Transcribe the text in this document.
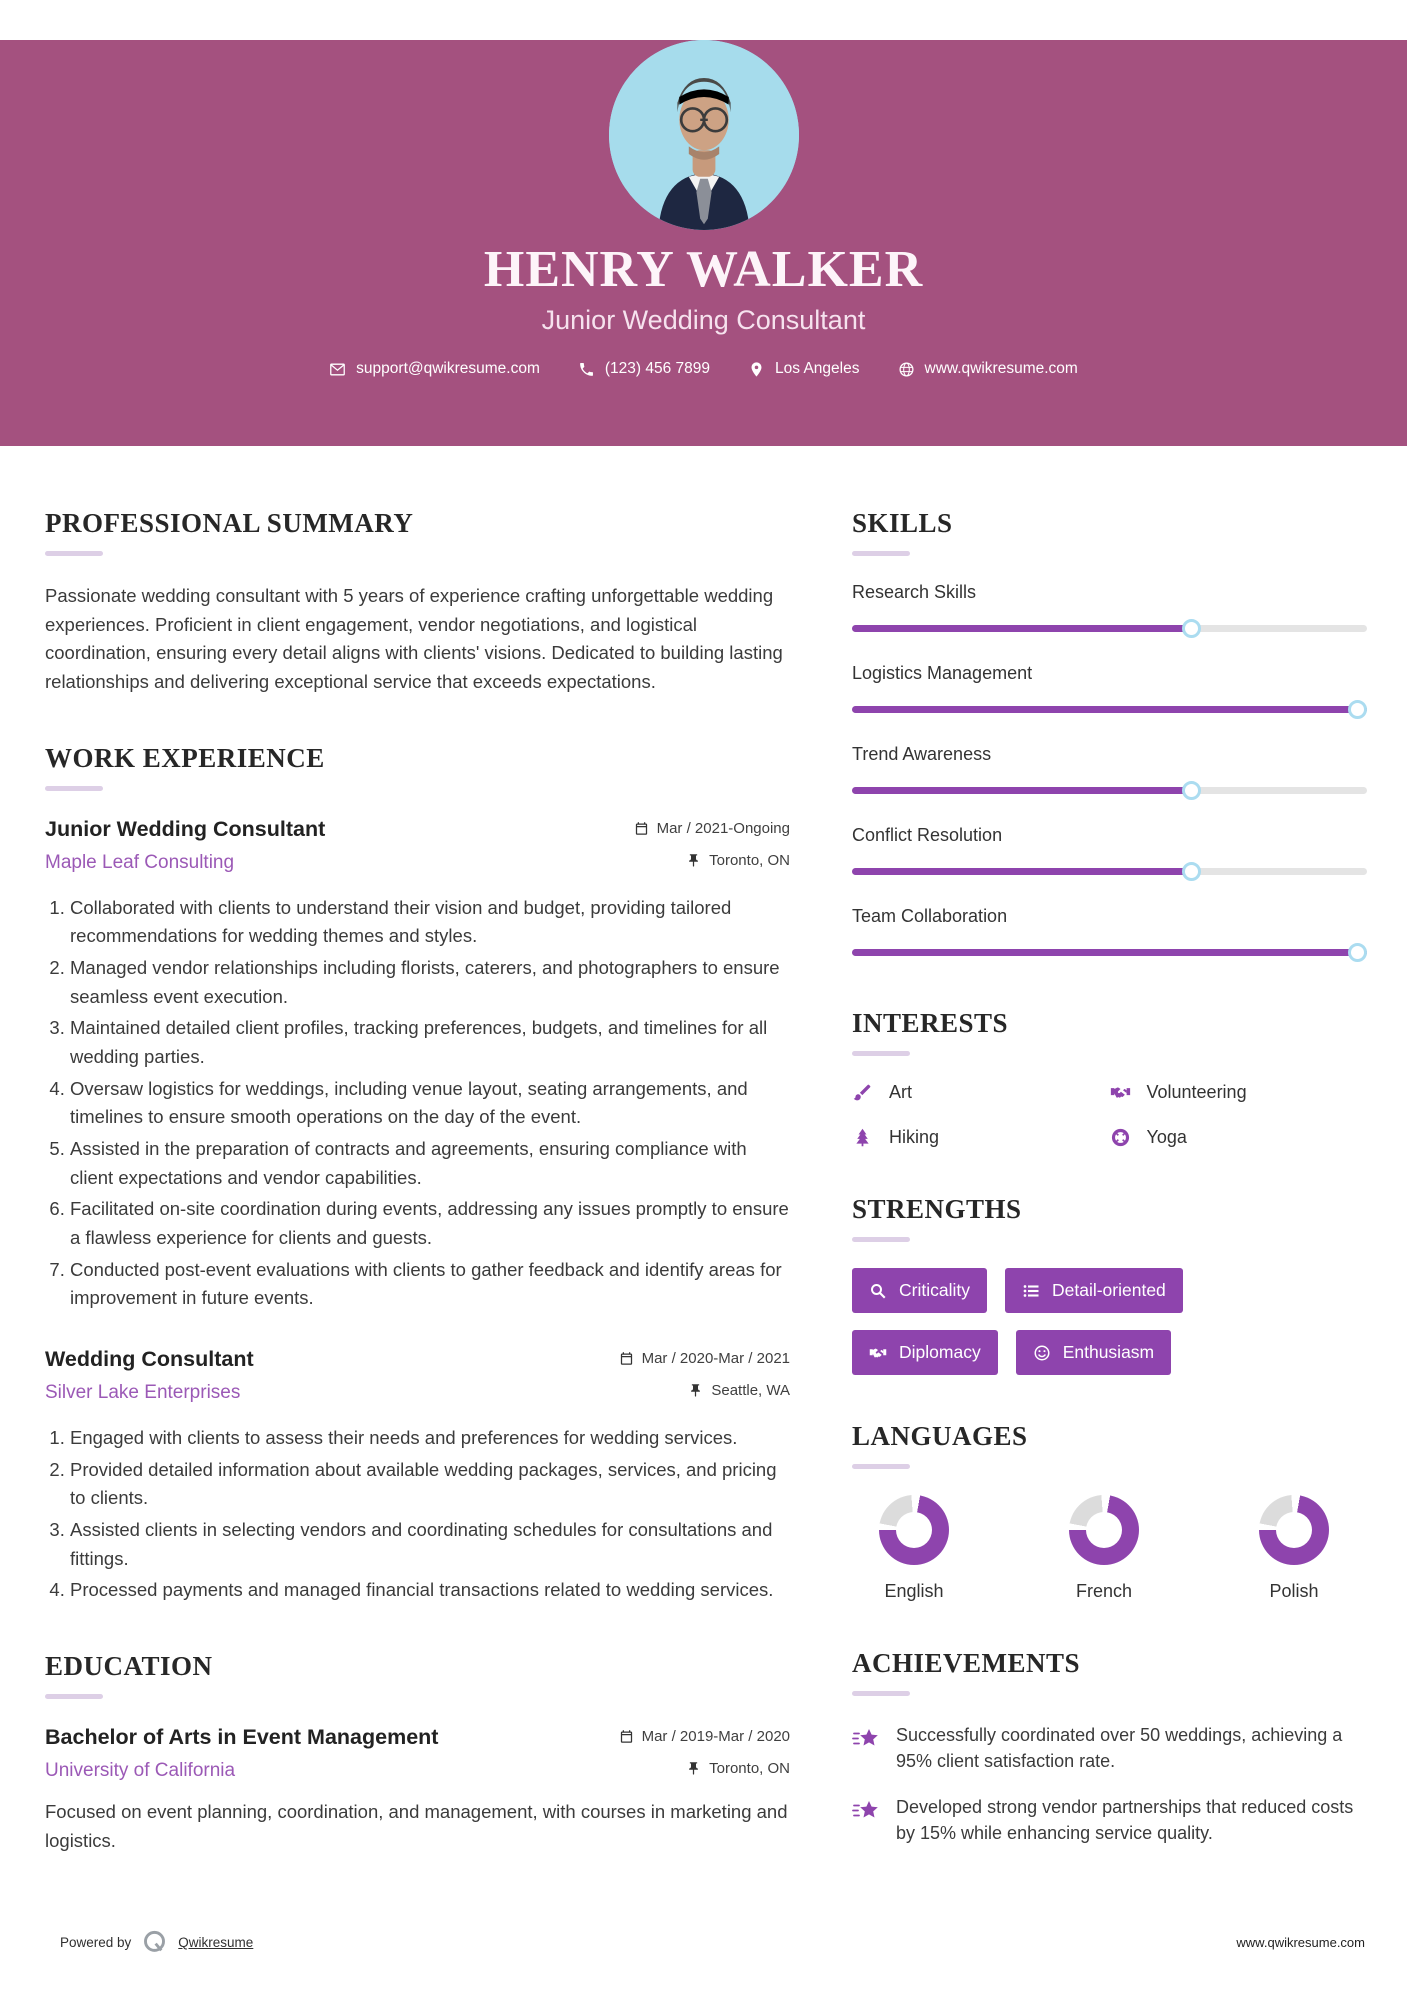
HENRY WALKER
Junior Wedding Consultant
support@qwikresume.com	(123) 456 7899	Los Angeles	www.qwikresume.com
PROFESSIONAL SUMMARY

Passionate wedding consultant with 5 years of experience crafting unforgettable wedding experiences. Proficient in client engagement, vendor negotiations, and logistical coordination, ensuring every detail aligns with clients' visions. Dedicated to building lasting relationships and delivering exceptional service that exceeds expectations.

WORK EXPERIENCE
Junior Wedding Consultant	Mar / 2021-Ongoing
Maple Leaf Consulting	Toronto, ON
1. Collaborated with clients to understand their vision and budget, providing tailored recommendations for wedding themes and styles.
2. Managed vendor relationships including florists, caterers, and photographers to ensure seamless event execution.
3. Maintained detailed client profiles, tracking preferences, budgets, and timelines for all wedding parties.
4. Oversaw logistics for weddings, including venue layout, seating arrangements, and timelines to ensure smooth operations on the day of the event.
5. Assisted in the preparation of contracts and agreements, ensuring compliance with client expectations and vendor capabilities.
6. Facilitated on-site coordination during events, addressing any issues promptly to ensure a flawless experience for clients and guests.
7. Conducted post-event evaluations with clients to gather feedback and identify areas for improvement in future events.
Wedding Consultant	Mar / 2020-Mar / 2021
Silver Lake Enterprises	Seattle, WA
1. Engaged with clients to assess their needs and preferences for wedding services.
2. Provided detailed information about available wedding packages, services, and pricing to clients.
3. Assisted clients in selecting vendors and coordinating schedules for consultations and fittings.
4. Processed payments and managed financial transactions related to wedding services.
EDUCATION
Bachelor of Arts in Event Management	Mar / 2019-Mar / 2020
University of California	Toronto, ON

Focused on event planning, coordination, and management, with courses in marketing and logistics.

SKILLS
Research Skills
Logistics Management
Trend Awareness
Conflict Resolution
Team Collaboration
INTERESTS
Art	Volunteering
Hiking	Yoga
STRENGTHS
Criticality	Detail-oriented
Diplomacy	Enthusiasm
LANGUAGES
English	French	Polish
ACHIEVEMENTS
Successfully coordinated over 50 weddings, achieving a 95% client satisfaction rate.
Developed strong vendor partnerships that reduced costs by 15% while enhancing service quality.
Powered by	Qwikresume	www.qwikresume.com
